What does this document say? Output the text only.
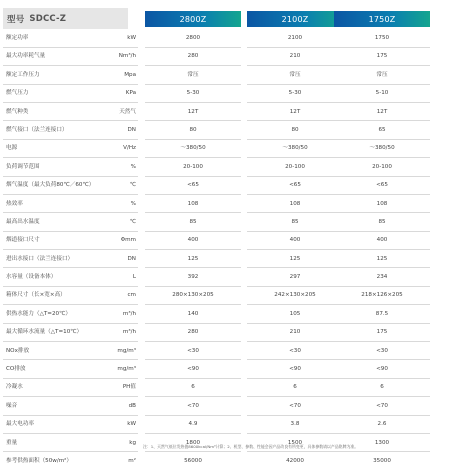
型号 SDCC-Z	2800Z	2100Z	1750Z
额定功率	kW	2800	2100	1750
最大功率耗气量	Nm³/h	280	210	175
额定工作压力	Mpa	常压	常压	常压
燃气压力	KPa	5-30	5-30	5-10
燃气种类	天然气	12T	12T	12T
燃气接口（法兰连接口）	DN	80	80	65
电源	V/Hz	～380/50	～380/50	～380/50
负荷调节范围	%	20-100	20-100	20-100
烟气温度（最大负荷80℃／60℃）	℃	<65	<65	<65
热效率	%	108	108	108
最高出水温度	℃	85	85	85
烟道接口尺寸	Φmm	400	400	400
进出水接口（法兰连接口）	DN	125	125	125
水容量（设备本体）	L	392	297	234
箱体尺寸（长×宽×高）	cm	280×130×205	242×130×205	218×126×205
供热水能力（△T=20℃）	m³/h	140	105	87.5
最大循环水流量（△T=10℃）	m³/h	280	210	175
NOx排放	mg/m³	<30	<30	<30
CO排放	mg/m³	<90	<90	<90
冷凝水	PH值	6	6	6
噪音	dB	<70	<70	<70
最大电功率	kW	4.9	3.8	2.6
重量	kg	1800	1500	1300
参考供热面积（50w/m²）	m²	56000	42000	35000
注：1、天然气低位发热值8600kcal/Nm³计算；2、机型、参数、性能会因产品改良有所变更，具体参数请以产品铭牌为准。
